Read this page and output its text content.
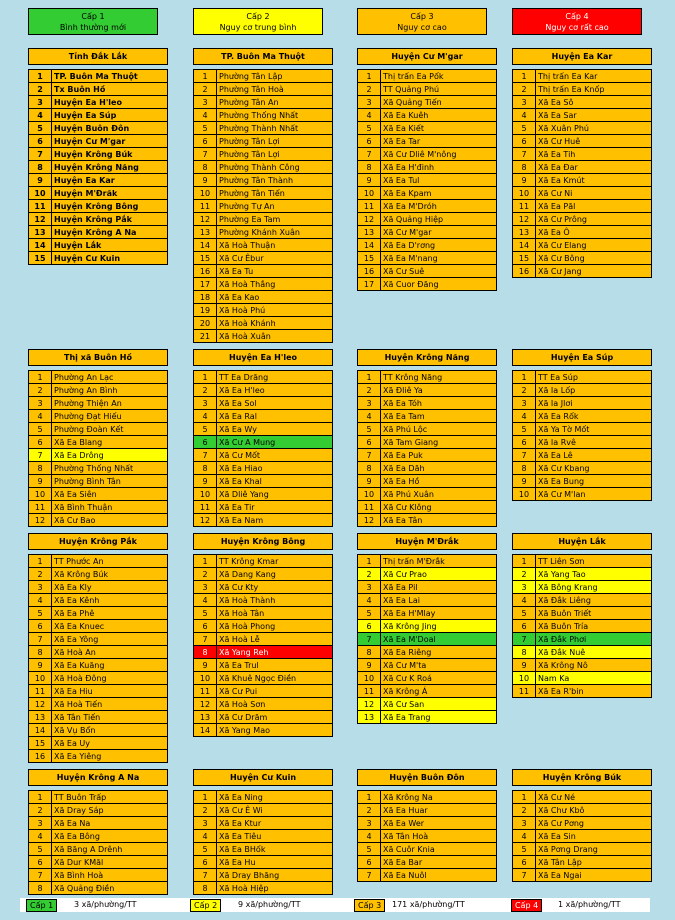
Cấp 1
Bình thường mới
Cấp 2
Nguy cơ trung bình
Cấp 3
Nguy cơ cao
Cấp 4
Nguy cơ rất cao
Tỉnh Đắk Lắk
1	TP. Buôn Ma Thuột
2	Tx Buôn Hồ
3	Huyện Ea H'leo
4	Huyện Ea Súp
5	Huyện Buôn Đôn
6	Huyện Cư M'gar
7	Huyện Krông Búk
8	Huyện Krông Năng
9	Huyện Ea Kar
10	Huyện M'Đrăk
11	Huyện Krông Bông
12	Huyện Krông Pắk
13	Huyện Krông A Na
14	Huyện Lắk
15	Huyện Cư Kuin
TP. Buôn Ma Thuột
1	Phường Tân Lập
2	Phường Tân Hoà
3	Phường Tân An
4	Phường Thống Nhất
5	Phường Thành Nhất
6	Phường Tân Lợi
7	Phường Tân Lợi
8	Phường Thành Công
9	Phường Tân Thành
10	Phường Tân Tiến
11	Phường Tự An
12	Phường Ea Tam
13	Phường Khánh Xuân
14	Xã Hoà Thuận
15	Xã Cư Êbur
16	Xã Ea Tu
17	Xã Hoà Thắng
18	Xã Ea Kao
19	Xã Hoà Phú
20	Xã Hoà Khánh
21	Xã Hoà Xuân
Huyện Cư M'gar
1	Thị trấn Ea Pốk
2	TT Quảng Phú
3	Xã Quảng Tiến
4	Xã Ea Kuêh
5	Xã Ea Kiết
6	Xã Ea Tar
7	Xã Cư Dliê M'nông
8	Xã Ea H'đinh
9	Xã Ea Tul
10	Xã Ea Kpam
11	Xã Ea M'Dróh
12	Xã Quảng Hiệp
13	Xã Cư M'gar
14	Xã Ea D'rơng
15	Xã Ea M'nang
16	Xã Cư Suê
17	Xã Cuor Đăng
Huyện Ea Kar
1	Thị trấn Ea Kar
2	Thị trấn Ea Knốp
3	Xã Ea Sô
4	Xã Ea Sar
5	Xã Xuân Phú
6	Xã Cư Huê
7	Xã Ea Tih
8	Xã Ea Đar
9	Xã Ea Kmút
10	Xã Cư Ni
11	Xã Ea Păl
12	Xã Cư Prông
13	Xã Ea Ô
14	Xã Cư Elang
15	Xã Cư Bông
16	Xã Cư Jang
Thị xã Buôn Hồ
1	Phường An Lạc
2	Phường An Bình
3	Phường Thiện An
4	Phường Đạt Hiếu
5	Phường Đoàn Kết
6	Xã Ea Blang
7	Xã Ea Drông
8	Phường Thống Nhất
9	Phường Bình Tân
10	Xã Ea Siên
11	Xã Bình Thuận
12	Xã Cư Bao
Huyện Ea H'leo
1	TT Ea Drăng
2	Xã Ea H'leo
3	Xã Ea Sol
4	Xã Ea Ral
5	Xã Ea Wy
6	Xã Cư A Mung
7	Xã Cư Mốt
8	Xã Ea Hiao
9	Xã Ea Khal
10	Xã Dliê Yang
11	Xã Ea Tir
12	Xã Ea Nam
Huyện Krông Năng
1	TT Krông Năng
2	Xã Đliê Ya
3	Xã Ea Tóh
4	Xã Ea Tam
5	Xã Phú Lộc
6	Xã Tam Giang
7	Xã Ea Puk
8	Xã Ea Dăh
9	Xã Ea Hồ
10	Xã Phú Xuân
11	Xã Cư Klông
12	Xã Ea Tân
Huyện Ea Súp
1	TT Ea Súp
2	Xã Ia Lốp
3	Xã Ia Jlơi
4	Xã Ea Rốk
5	Xã Ya Tờ Mốt
6	Xã Ia Rvê
7	Xã Ea Lê
8	Xã Cư Kbang
9	Xã Ea Bung
10	Xã Cư M'lan
Huyện Krông Pắk
1	TT Phước An
2	Xã Krông Búk
3	Xã Ea Kly
4	Xã Ea Kênh
5	Xã Ea Phê
6	Xã Ea Knuec
7	Xã Ea Yông
8	Xã Hoà An
9	Xã Ea Kuăng
10	Xã Hoà Đông
11	Xã Ea Hiu
12	Xã Hoà Tiến
13	Xã Tân Tiến
14	Xã Vụ Bổn
15	Xã Ea Uy
16	Xã Ea Yiêng
Huyện Krông Bông
1	TT Krông Kmar
2	Xã Dang Kang
3	Xã Cư Kty
4	Xã Hoà Thành
5	Xã Hoà Tân
6	Xã Hoà Phong
7	Xã Hoà Lễ
8	Xã Yang Reh
9	Xã Ea Trul
10	Xã Khuê Ngọc Điền
11	Xã Cư Pui
12	Xã Hoà Sơn
13	Xã Cư Drăm
14	Xã Yang Mao
Huyện M'Đrắk
1	Thị trấn M'Đrắk
2	Xã Cư Prao
3	Xã Ea Pil
4	Xã Ea Lai
5	Xã Ea H'Mlay
6	Xã Krông Jing
7	Xã Ea M'Doal
8	Xã Ea Riêng
9	Xã Cư M'ta
10	Xã Cư K Roá
11	Xã Krông Á
12	Xã Cư San
13	Xã Ea Trang
Huyện Lắk
1	TT Liên Sơn
2	Xã Yang Tao
3	Xã Bông Krang
4	Xã Đắk Liêng
5	Xã Buôn Triết
6	Xã Buôn Tría
7	Xã Đắk Phơi
8	Xã Đắk Nuê
9	Xã Krông Nô
10	Nam Ka
11	Xã Ea R'bin
Huyện Krông A Na
1	TT Buôn Trấp
2	Xã Dray Sáp
3	Xã Ea Na
4	Xã Ea Bông
5	Xã Băng A Drênh
6	Xã Dur KMăl
7	Xã Bình Hoà
8	Xã Quảng Điền
Huyện Cư Kuin
1	Xã Ea Ning
2	Xã Cư Ê Wi
3	Xã Ea Ktur
4	Xã Ea Tiêu
5	Xã Ea BHốk
6	Xã Ea Hu
7	Xã Dray Bhăng
8	Xã Hoà Hiệp
Huyện Buôn Đôn
1	Xã Krông Na
2	Xã Ea Huar
3	Xã Ea Wer
4	Xã Tân Hoà
5	Xã Cuôr Knia
6	Xã Ea Bar
7	Xã Ea Nuôl
Huyện Krông Búk
1	Xã Cư Né
2	Xã Chư Kbô
3	Xã Cư Pơng
4	Xã Ea Sin
5	Xã Pơng Drang
6	Xã Tân Lập
7	Xã Ea Ngai
Cấp 1	3 xã/phường/TT	Cấp 2	9 xã/phường/TT	Cấp 3	171 xã/phường/TT	Cấp 4	1 xã/phường/TT
